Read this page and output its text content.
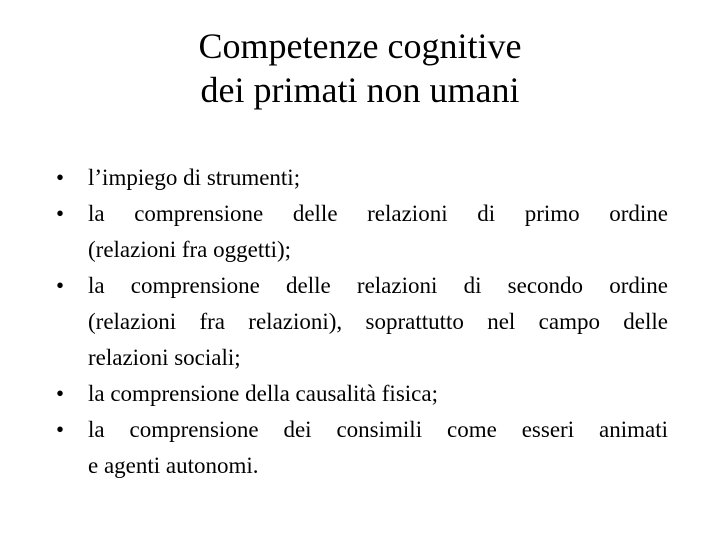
Competenze cognitive
dei primati non umani
•	l’impiego di strumenti;
•	la comprensione delle relazioni di primo ordine
(relazioni fra oggetti);
•	la comprensione delle relazioni di secondo ordine
(relazioni fra relazioni), soprattutto nel campo delle
relazioni sociali;
•	la comprensione della causalità fisica;
•	la comprensione dei consimili come esseri animati
e agenti autonomi.
